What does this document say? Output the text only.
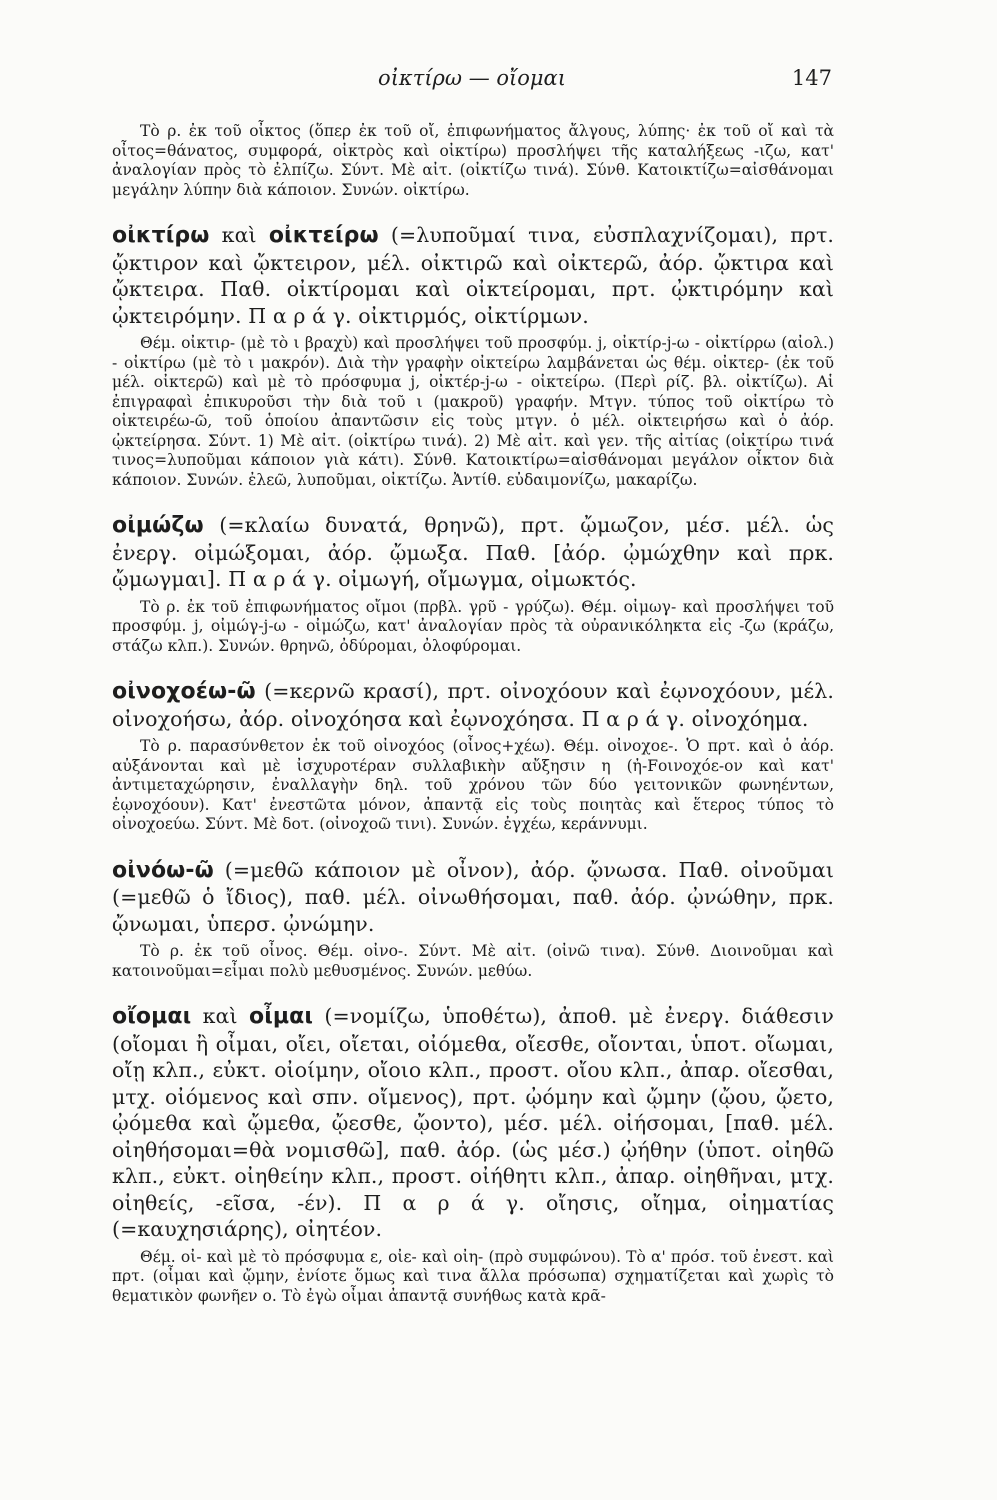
οἰκτίρω — οἴομαι	147

Τὸ ρ. ἐκ τοῦ οἶκτος (ὅπερ ἐκ τοῦ οἴ, ἐπιφωνήματος ἄλγους, λύπης· ἐκ τοῦ οἴ καὶ τὰ οἶτος=θάνατος, συμφορά, οἰκτρὸς καὶ οἰκτίρω) προσλήψει τῆς καταλήξεως -ιζω, κατ' ἀναλογίαν πρὸς τὸ ἐλπίζω. Σύντ. Μὲ αἰτ. (οἰκτίζω τινά). Σύνθ. Κατοικτίζω=αἰσθάνομαι μεγάλην λύπην διὰ κάποιον. Συνών. οἰκτίρω.

οἰκτίρω καὶ οἰκτείρω (=λυποῦμαί τινα, εὐσπλαχνίζομαι), πρτ. ᾤκτιρον καὶ ᾤκτειρον, μέλ. οἰκτιρῶ καὶ οἰκτερῶ, ἀόρ. ᾤκτιρα καὶ ᾤκτειρα. Παθ. οἰκτίρομαι καὶ οἰκτείρομαι, πρτ. ᾠκτιρόμην καὶ ᾠκτειρόμην. Π α ρ ά γ. οἰκτιρμός, οἰκτίρμων.

Θέμ. οἰκτιρ- (μὲ τὸ ι βραχὺ) καὶ προσλήψει τοῦ προσφύμ. j, οἰκτίρ-j-ω - οἰκτίρρω (αἰολ.) - οἰκτίρω (μὲ τὸ ι μακρόν). Διὰ τὴν γραφὴν οἰκτείρω λαμβάνεται ὡς θέμ. οἰκτερ- (ἐκ τοῦ μέλ. οἰκτερῶ) καὶ μὲ τὸ πρόσφυμα j, οἰκτέρ-j-ω - οἰκτείρω. (Περὶ ρίζ. βλ. οἰκτίζω). Αἱ ἐπιγραφαὶ ἐπικυροῦσι τὴν διὰ τοῦ ι (μακροῦ) γραφήν. Μτγν. τύπος τοῦ οἰκτίρω τὸ οἰκτειρέω-ῶ, τοῦ ὁποίου ἀπαντῶσιν εἰς τοὺς μτγν. ὁ μέλ. οἰκτειρήσω καὶ ὁ ἀόρ. ᾠκτείρησα. Σύντ. 1) Μὲ αἰτ. (οἰκτίρω τινά). 2) Μὲ αἰτ. καὶ γεν. τῆς αἰτίας (οἰκτίρω τινά τινος=λυποῦμαι κάποιον γιὰ κάτι). Σύνθ. Κατοικτίρω=αἰσθάνομαι μεγάλον οἶκτον διὰ κάποιον. Συνών. ἐλεῶ, λυποῦμαι, οἰκτίζω. Ἀντίθ. εὐδαιμονίζω, μακαρίζω.

οἰμώζω (=κλαίω δυνατά, θρηνῶ), πρτ. ᾤμωζον, μέσ. μέλ. ὡς ἐνεργ. οἰμώξομαι, ἀόρ. ᾤμωξα. Παθ. [ἀόρ. ᾠμώχθην καὶ πρκ. ᾤμωγμαι]. Π α ρ ά γ. οἰμωγή, οἴμωγμα, οἰμωκτός.

Τὸ ρ. ἐκ τοῦ ἐπιφωνήματος οἴμοι (πρβλ. γρῦ - γρύζω). Θέμ. οἰμωγ- καὶ προσλήψει τοῦ προσφύμ. j, οἰμώγ-j-ω - οἰμώζω, κατ' ἀναλογίαν πρὸς τὰ οὐρανικόληκτα εἰς -ζω (κράζω, στάζω κλπ.). Συνών. θρηνῶ, ὀδύρομαι, ὀλοφύρομαι.

οἰνοχοέω-ῶ (=κερνῶ κρασί), πρτ. οἰνοχόουν καὶ ἐῳνοχόουν, μέλ. οἰνοχοήσω, ἀόρ. οἰνοχόησα καὶ ἐῳνοχόησα. Π α ρ ά γ. οἰνοχόημα.

Τὸ ρ. παρασύνθετον ἐκ τοῦ οἰνοχόος (οἶνος+χέω). Θέμ. οἰνοχοε-. Ὁ πρτ. καὶ ὁ ἀόρ. αὐξάνονται καὶ μὲ ἰσχυροτέραν συλλαβικὴν αὔξησιν η (ἠ-Fοινοχόε-ον καὶ κατ' ἀντιμεταχώρησιν, ἐναλλαγὴν δηλ. τοῦ χρόνου τῶν δύο γειτονικῶν φωνηέντων, ἐῳνοχόουν). Κατ' ἐνεστῶτα μόνον, ἀπαντᾷ εἰς τοὺς ποιητὰς καὶ ἕτερος τύπος τὸ οἰνοχοεύω. Σύντ. Μὲ δοτ. (οἰνοχοῶ τινι). Συνών. ἐγχέω, κεράννυμι.

οἰνόω-ῶ (=μεθῶ κάποιον μὲ οἶνον), ἀόρ. ᾤνωσα. Παθ. οἰνοῦμαι (=μεθῶ ὁ ἴδιος), παθ. μέλ. οἰνωθήσομαι, παθ. ἀόρ. ᾠνώθην, πρκ. ᾤνωμαι, ὑπερσ. ᾠνώμην.

Τὸ ρ. ἐκ τοῦ οἶνος. Θέμ. οἰνο-. Σύντ. Μὲ αἰτ. (οἰνῶ τινα). Σύνθ. Διοινοῦμαι καὶ κατοινοῦμαι=εἶμαι πολὺ μεθυσμένος. Συνών. μεθύω.

οἴομαι καὶ οἶμαι (=νομίζω, ὑποθέτω), ἀποθ. μὲ ἐνεργ. διάθεσιν (οἴομαι ἢ οἶμαι, οἴει, οἴεται, οἰόμεθα, οἴεσθε, οἴονται, ὑποτ. οἴωμαι, οἴῃ κλπ., εὐκτ. οἰοίμην, οἴοιο κλπ., προστ. οἴου κλπ., ἀπαρ. οἴεσθαι, μτχ. οἰόμενος καὶ σπν. οἴμενος), πρτ. ᾠόμην καὶ ᾤμην (ᾤου, ᾤετο, ᾠόμεθα καὶ ᾤμεθα, ᾤεσθε, ᾤοντο), μέσ. μέλ. οἰήσομαι, [παθ. μέλ. οἰηθήσομαι=θὰ νομισθῶ], παθ. ἀόρ. (ὡς μέσ.) ᾠήθην (ὑποτ. οἰηθῶ κλπ., εὐκτ. οἰηθείην κλπ., προστ. οἰήθητι κλπ., ἀπαρ. οἰηθῆναι, μτχ. οἰηθείς, -εῖσα, -έν). Π α ρ ά γ. οἴησις, οἴημα, οἰηματίας (=καυχησιάρης), οἰητέον.

Θέμ. οἰ- καὶ μὲ τὸ πρόσφυμα ε, οἰε- καὶ οἰη- (πρὸ συμφώνου). Τὸ α' πρόσ. τοῦ ἐνεστ. καὶ πρτ. (οἶμαι καὶ ᾤμην, ἐνίοτε ὅμως καὶ τινα ἄλλα πρόσωπα) σχηματίζεται καὶ χωρὶς τὸ θεματικὸν φωνῆεν ο. Τὸ ἐγὼ οἶμαι ἀπαντᾷ συνήθως κατὰ κρᾶ-
